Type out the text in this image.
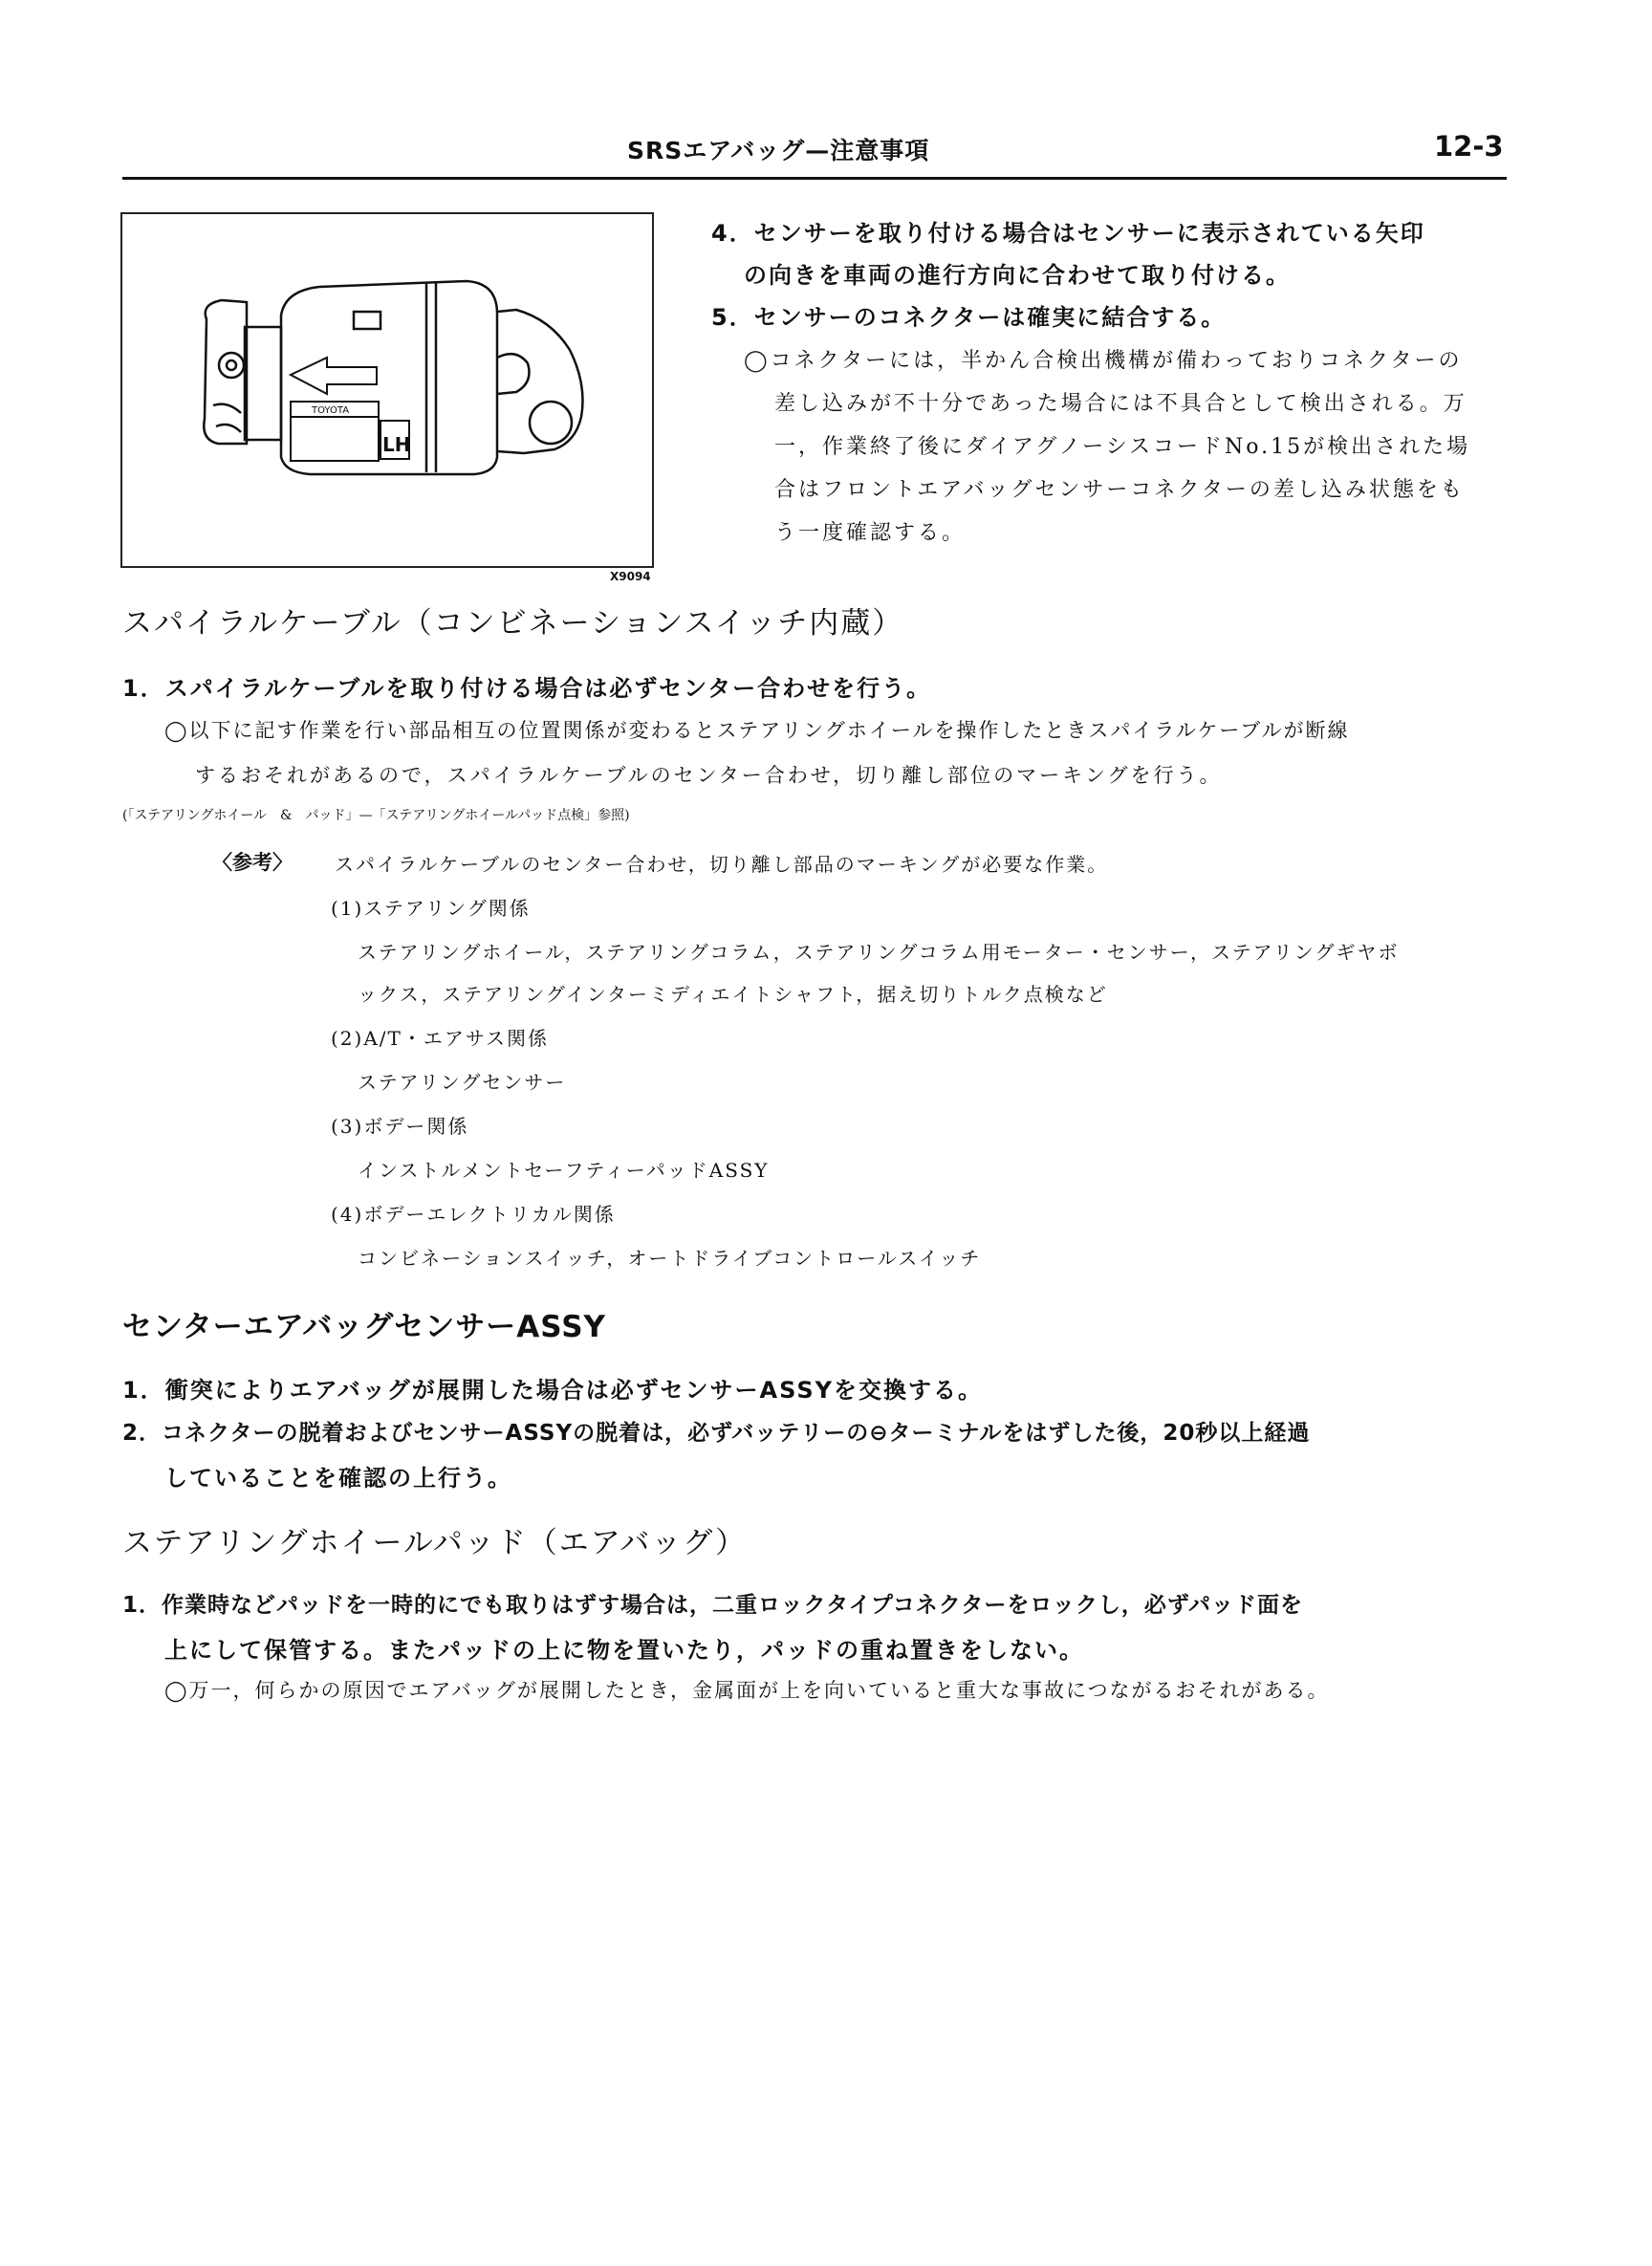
SRSエアバッグ—注意事項	12-3
TOYOTA
LH
X9094
4．センサーを取り付ける場合はセンサーに表示されている矢印
の向きを車両の進行方向に合わせて取り付ける。
5．センサーのコネクターは確実に結合する。
◯コネクターには，半かん合検出機構が備わっておりコネクターの
差し込みが不十分であった場合には不具合として検出される。万
一，作業終了後にダイアグノーシスコードNo.15が検出された場
合はフロントエアバッグセンサーコネクターの差し込み状態をも
う一度確認する。
スパイラルケーブル（コンビネーションスイッチ内蔵）
1．スパイラルケーブルを取り付ける場合は必ずセンター合わせを行う。
◯以下に記す作業を行い部品相互の位置関係が変わるとステアリングホイールを操作したときスパイラルケーブルが断線
するおそれがあるので，スパイラルケーブルのセンター合わせ，切り離し部位のマーキングを行う。
(「ステアリングホイール　&　パッド」—「ステアリングホイールパッド点検」参照)
〈参考〉 スパイラルケーブルのセンター合わせ，切り離し部品のマーキングが必要な作業。
(1)ステアリング関係
ステアリングホイール，ステアリングコラム，ステアリングコラム用モーター・センサー，ステアリングギヤボ
ックス，ステアリングインターミディエイトシャフト，据え切りトルク点検など
(2)A/T・エアサス関係
ステアリングセンサー
(3)ボデー関係
インストルメントセーフティーパッドASSY
(4)ボデーエレクトリカル関係
コンビネーションスイッチ，オートドライブコントロールスイッチ
センターエアバッグセンサーASSY
1．衝突によりエアバッグが展開した場合は必ずセンサーASSYを交換する。
2．コネクターの脱着およびセンサーASSYの脱着は，必ずバッテリーの⊖ターミナルをはずした後，20秒以上経過
していることを確認の上行う。
ステアリングホイールパッド（エアバッグ）
1．作業時などパッドを一時的にでも取りはずす場合は，二重ロックタイプコネクターをロックし，必ずパッド面を
上にして保管する。またパッドの上に物を置いたり，パッドの重ね置きをしない。
◯万一，何らかの原因でエアバッグが展開したとき，金属面が上を向いていると重大な事故につながるおそれがある。
